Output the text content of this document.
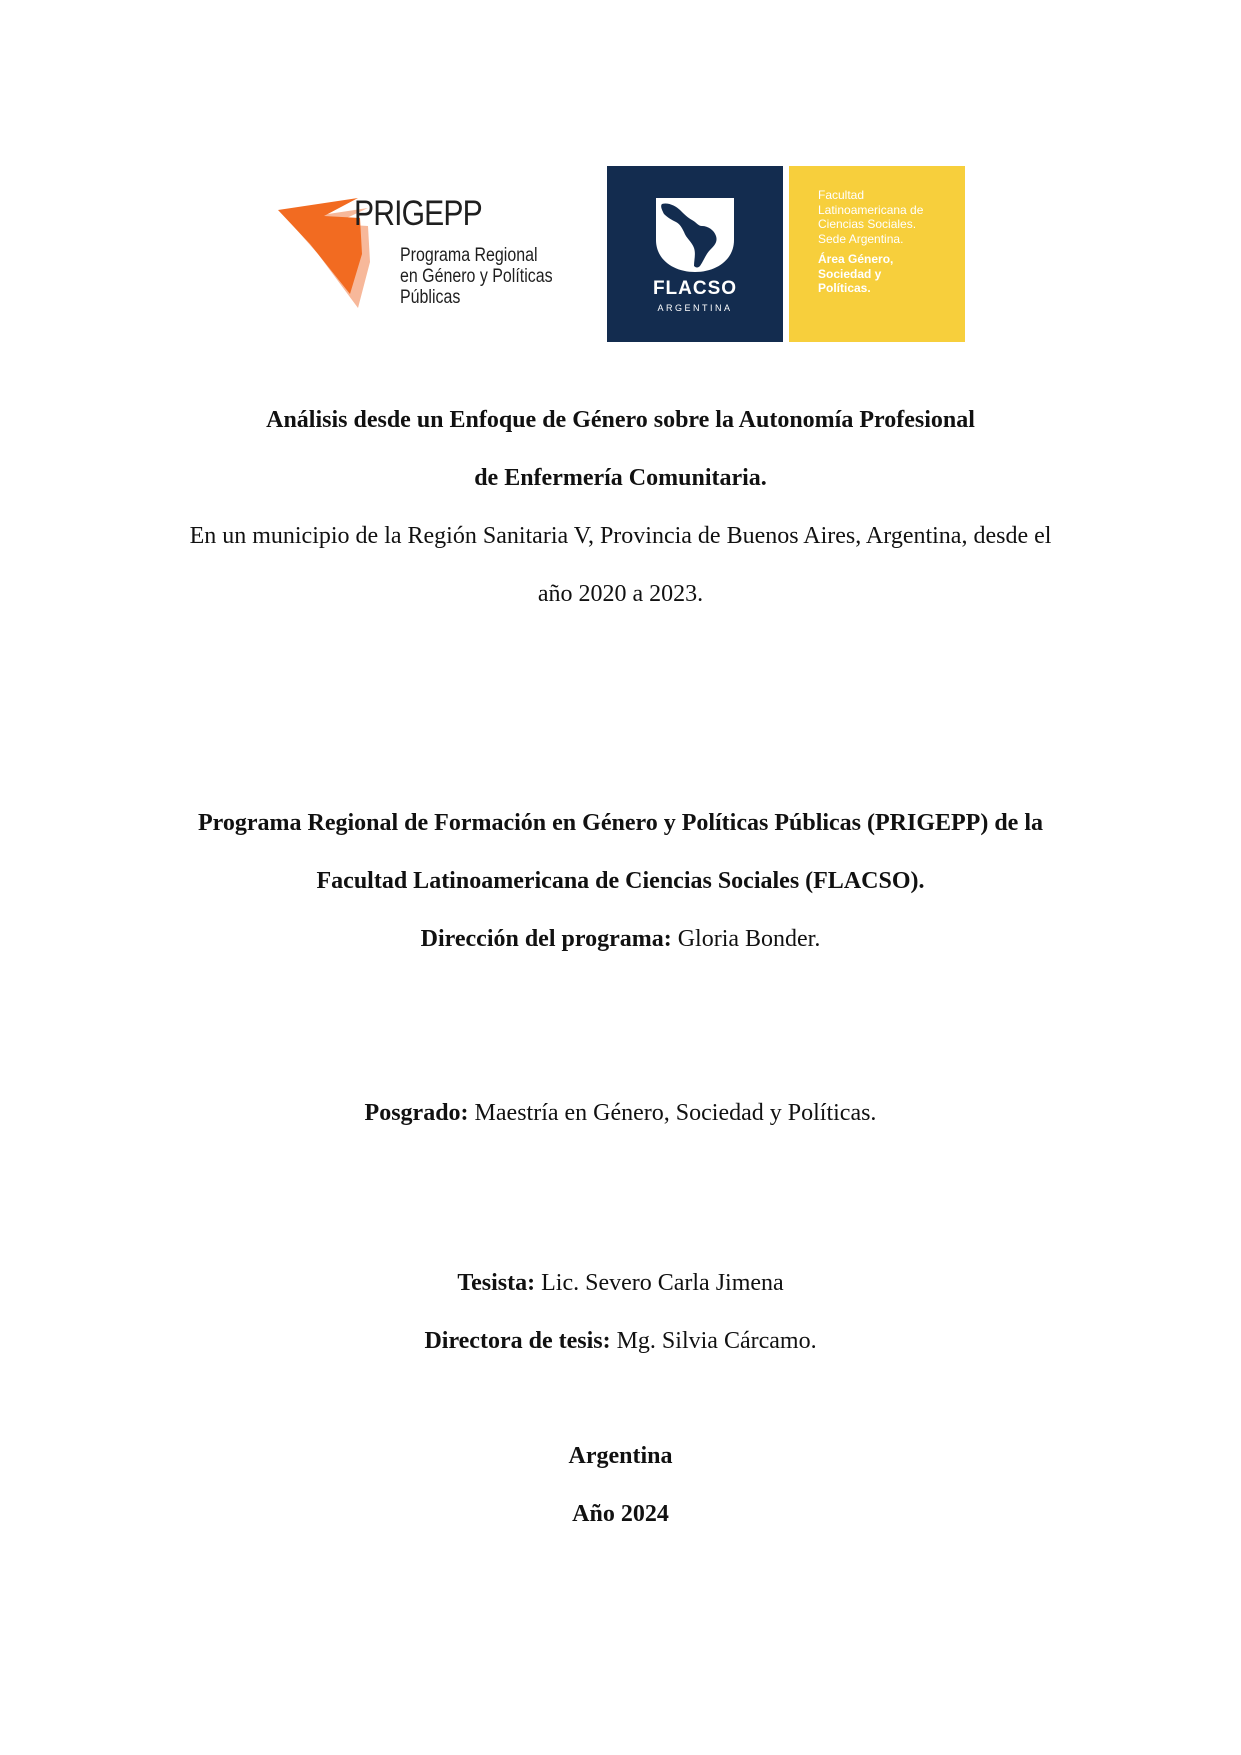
PRIGEPP
Programa Regional
en Género y Políticas
Públicas	FLACSO
ARGENTINA
Facultad
Latinoamericana de
Ciencias Sociales.
Sede Argentina.
Área Género,
Sociedad y
Políticas.
Análisis desde un Enfoque de Género sobre la Autonomía Profesional
de Enfermería Comunitaria.
En un municipio de la Región Sanitaria V, Provincia de Buenos Aires, Argentina, desde el
año 2020 a 2023.
Programa Regional de Formación en Género y Políticas Públicas (PRIGEPP) de la
Facultad Latinoamericana de Ciencias Sociales (FLACSO).
Dirección del programa: Gloria Bonder.
Posgrado: Maestría en Género, Sociedad y Políticas.
Tesista: Lic. Severo Carla Jimena
Directora de tesis: Mg. Silvia Cárcamo.
Argentina
Año 2024
